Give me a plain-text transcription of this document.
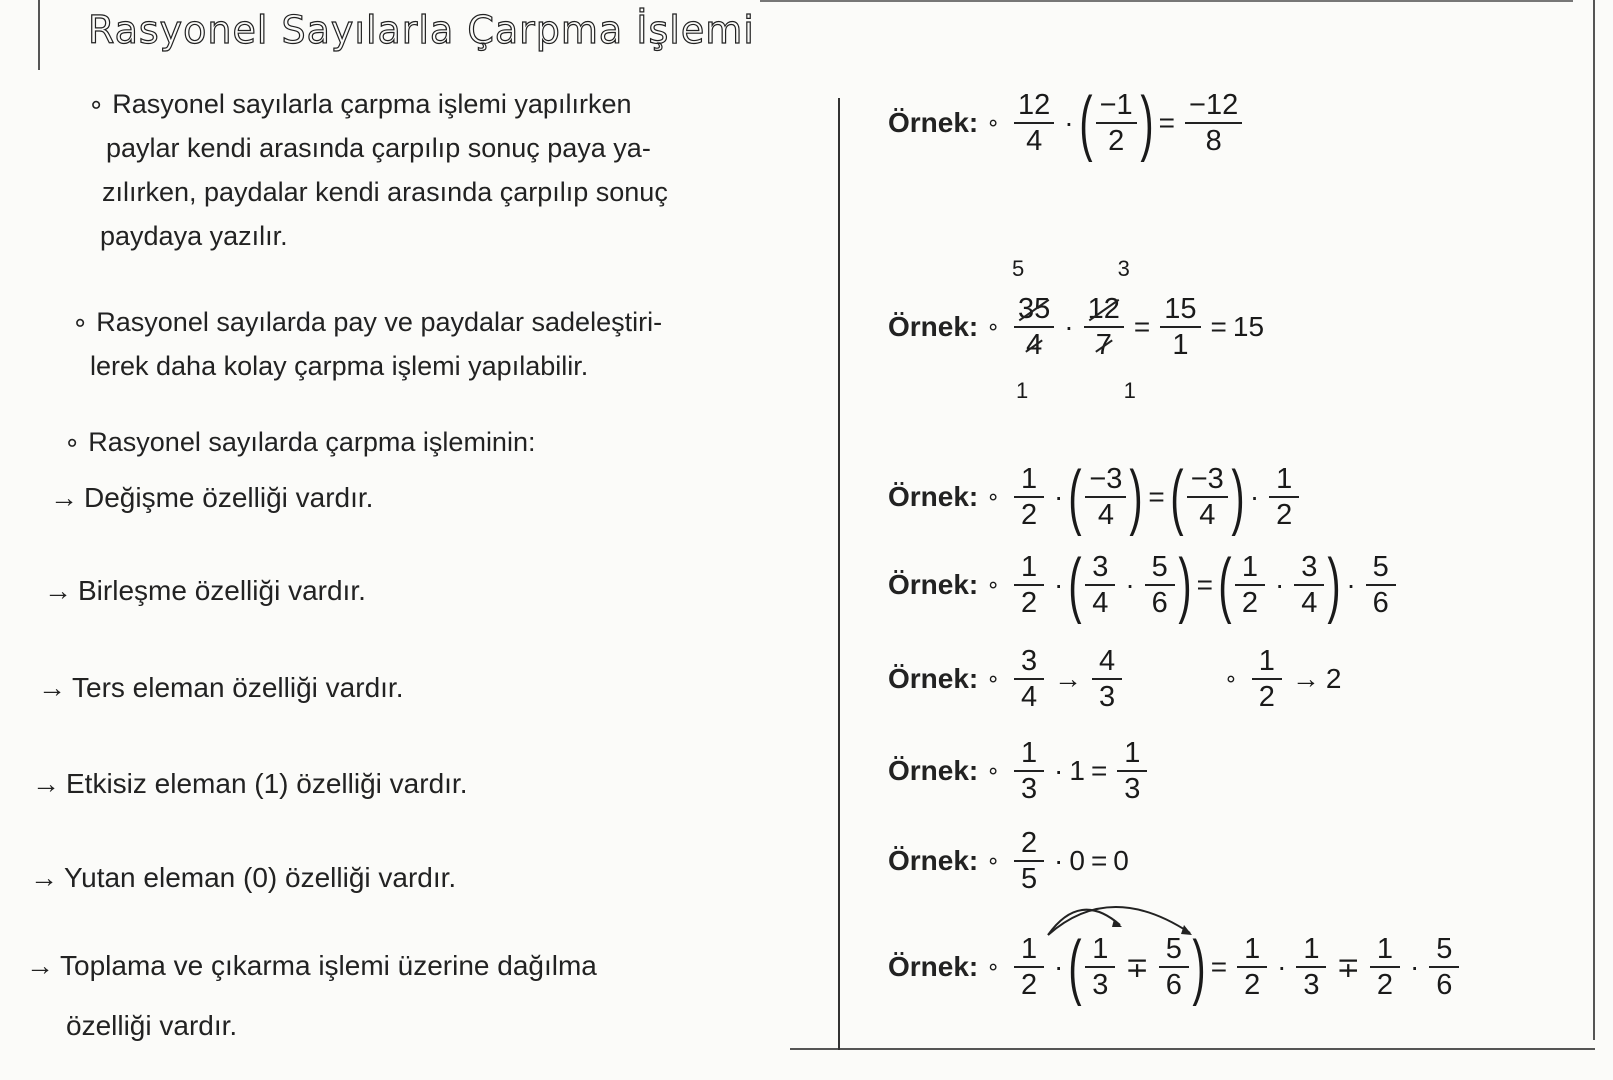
Rasyonel Sayılarla Çarpma İşlemi
∘ Rasyonel sayılarla çarpma işlemi yapılırken
paylar kendi arasında çarpılıp sonuç paya ya-
zılırken, paydalar kendi arasında çarpılıp sonuç
paydaya yazılır.
∘ Rasyonel sayılarda pay ve paydalar sadeleştiri-
lerek daha kolay çarpma işlemi yapılabilir.
∘ Rasyonel sayılarda çarpma işleminin:
→ Değişme özelliği vardır.
→ Birleşme özelliği vardır.
→ Ters eleman özelliği vardır.
→ Etkisiz eleman (1) özelliği vardır.
→ Yutan eleman (0) özelliği vardır.
→ Toplama ve çıkarma işlemi üzerine dağılma
özelliği vardır.
Örnek: ∘ $\frac{12}{4}$ · ( $\frac{-1}{2}$ ) = $\frac{-12}{8}$
Örnek: ∘
5
1
$\frac{35}{4}$ ·
3
1
$\frac{12}{7} = \frac{15}{1} = 15$
Örnek: ∘ $\frac{1}{2}$ · ( $\frac{-3}{4}$ ) = ( $\frac{-3}{4}$ ) · $\frac{1}{2}$
Örnek: ∘ $\frac{1}{2}$ · ( $\frac{3}{4} \cdot \frac{5}{6}$ ) = ( $\frac{1}{2} \cdot \frac{3}{4}$ ) · $\frac{5}{6}$
Örnek: ∘ $\frac{3}{4} \to \frac{4}{3}$	∘ $\frac{1}{2} \to 2$
Örnek: ∘ $\frac{1}{3} \cdot 1 = \frac{1}{3}$
Örnek: ∘ $\frac{2}{5} \cdot 0 = 0$
Örnek: ∘ $\frac{1}{2}$ · ( $\frac{1}{3} \mp \frac{5}{6}$ ) = $\frac{1}{2} \cdot \frac{1}{3} \mp \frac{1}{2} \cdot \frac{5}{6}$
